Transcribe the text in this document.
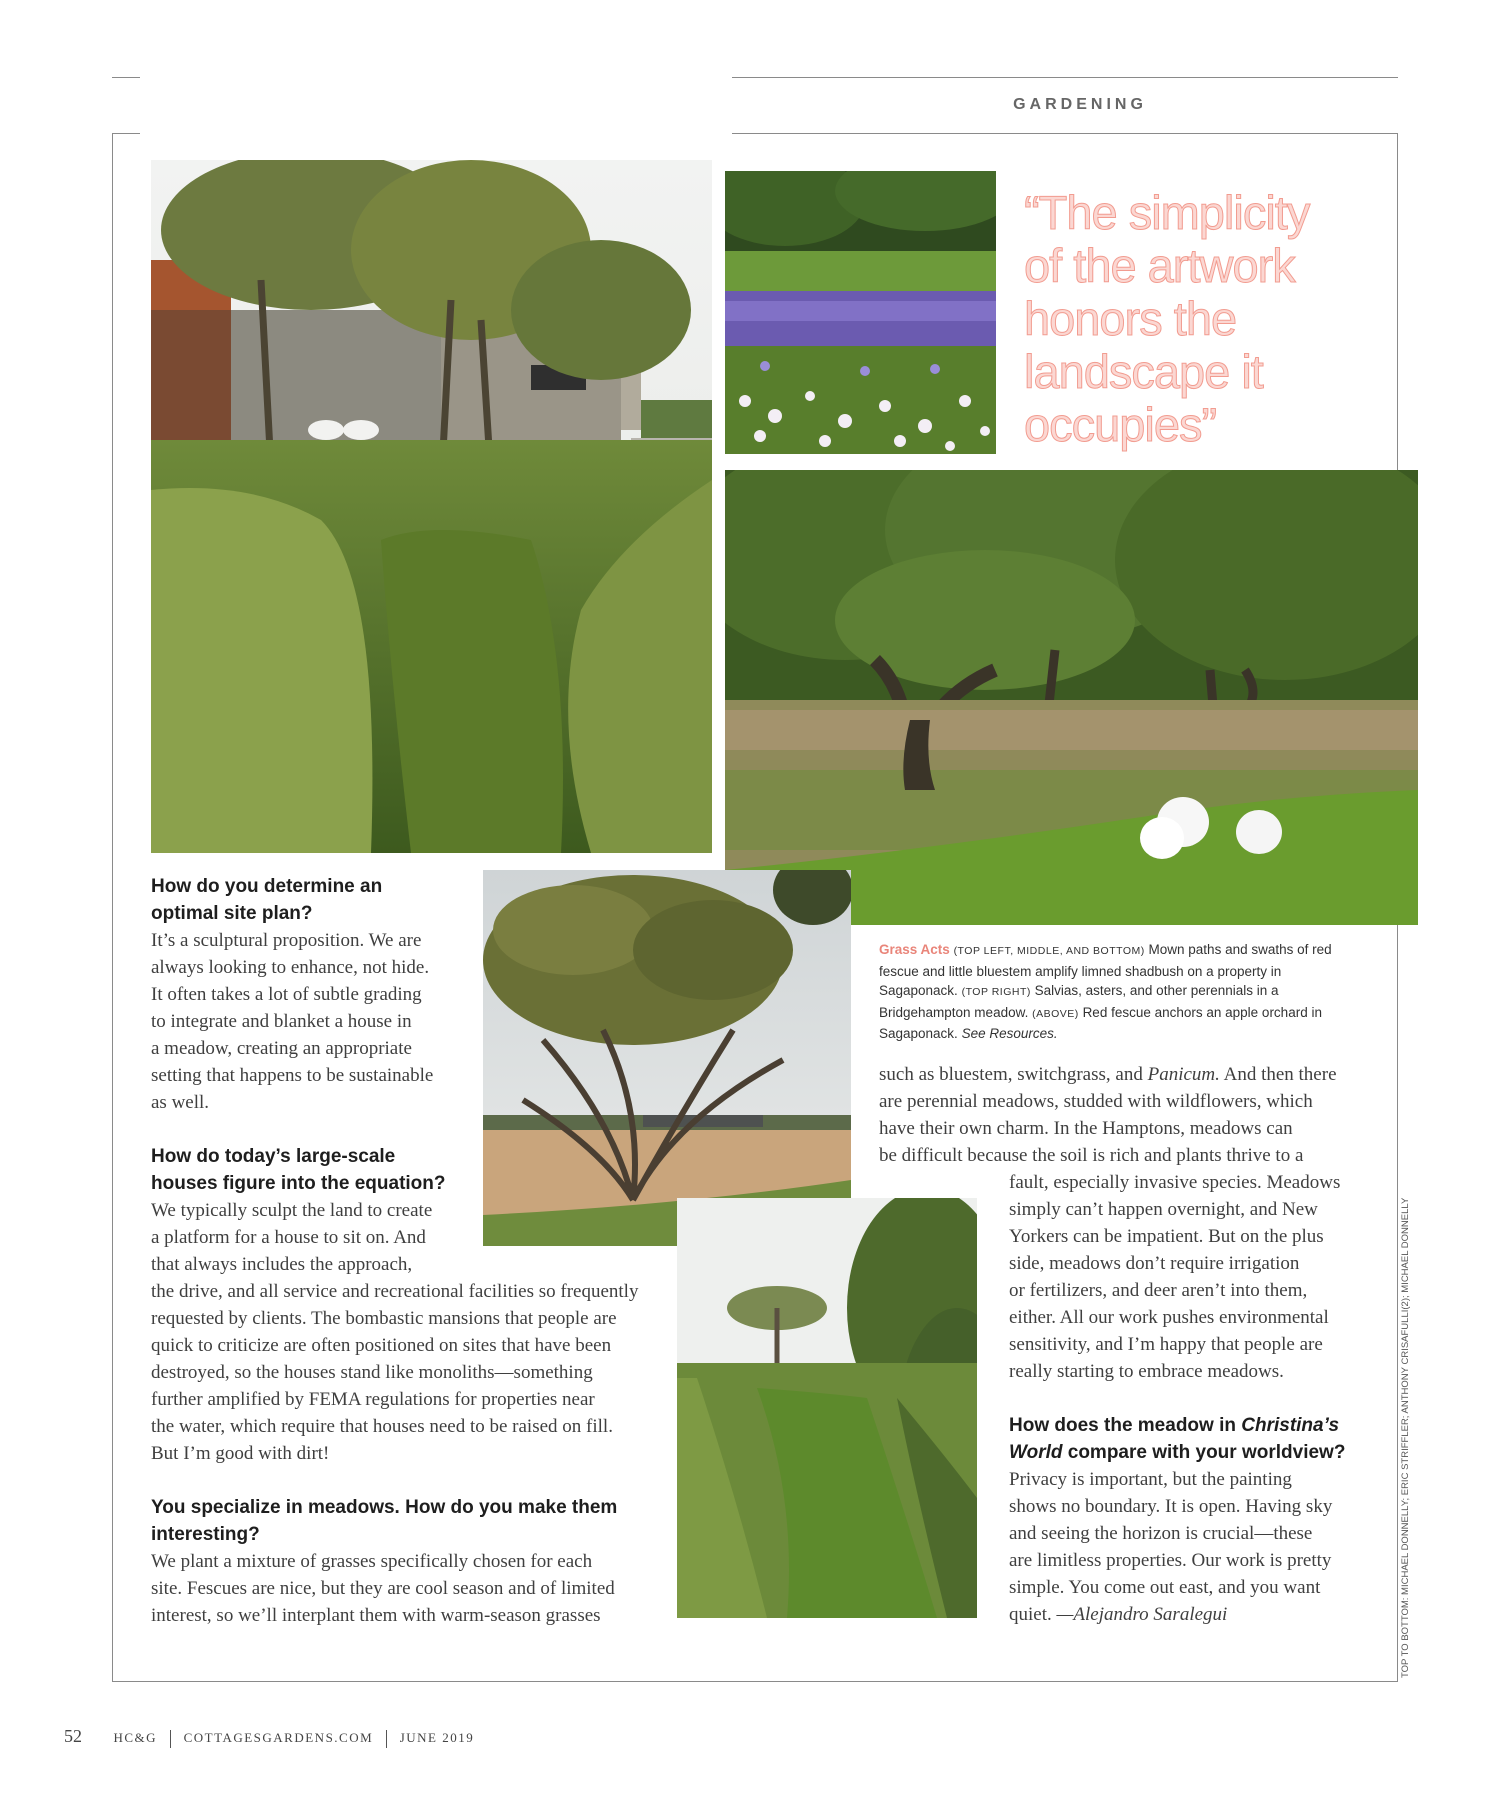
GARDENING
“The simplicity
of the artwork
honors the
landscape it
occupies”

How do you determine an
optimal site plan?

It’s a sculptural proposition. We are
always looking to enhance, not hide.
It often takes a lot of subtle grading
to integrate and blanket a house in
a meadow, creating an appropriate
setting that happens to be sustainable
as well.

How do today’s large-scale
houses figure into the equation?

We typically sculpt the land to create
a platform for a house to sit on. And
that always includes the approach,
the drive, and all service and recreational facilities so frequently
requested by clients. The bombastic mansions that people are
quick to criticize are often positioned on sites that have been
destroyed, so the houses stand like monoliths—something
further amplified by FEMA regulations for properties near
the water, which require that houses need to be raised on fill.
But I’m good with dirt!

You specialize in meadows. How do you make them
interesting?

We plant a mixture of grasses specifically chosen for each
site. Fescues are nice, but they are cool season and of limited
interest, so we’ll interplant them with warm-season grasses

Grass Acts (TOP LEFT, MIDDLE, AND BOTTOM) Mown paths and swaths of red fescue and little bluestem amplify limned shadbush on a property in Sagaponack. (TOP RIGHT) Salvias, asters, and other perennials in a Bridgehampton meadow. (ABOVE) Red fescue anchors an apple orchard in Sagaponack. See Resources.

such as bluestem, switchgrass, and Panicum. And then there
are perennial meadows, studded with wildflowers, which
have their own charm. In the Hamptons, meadows can
be difficult because the soil is rich and plants thrive to a

fault, especially invasive species. Meadows
simply can’t happen overnight, and New
Yorkers can be impatient. But on the plus
side, meadows don’t require irrigation
or fertilizers, and deer aren’t into them,
either. All our work pushes environmental
sensitivity, and I’m happy that people are
really starting to embrace meadows.

How does the meadow in Christina’s
World compare with your worldview?

Privacy is important, but the painting
shows no boundary. It is open. Having sky
and seeing the horizon is crucial—these
are limitless properties. Our work is pretty
simple. You come out east, and you want
quiet. —Alejandro Saralegui	TOP TO BOTTOM: MICHAEL DONNELLY; ERIC STRIFFLER; ANTHONY CRISAFULLI(2); MICHAEL DONNELLY
52 HC&G COTTAGESGARDENS.COM JUNE 2019
